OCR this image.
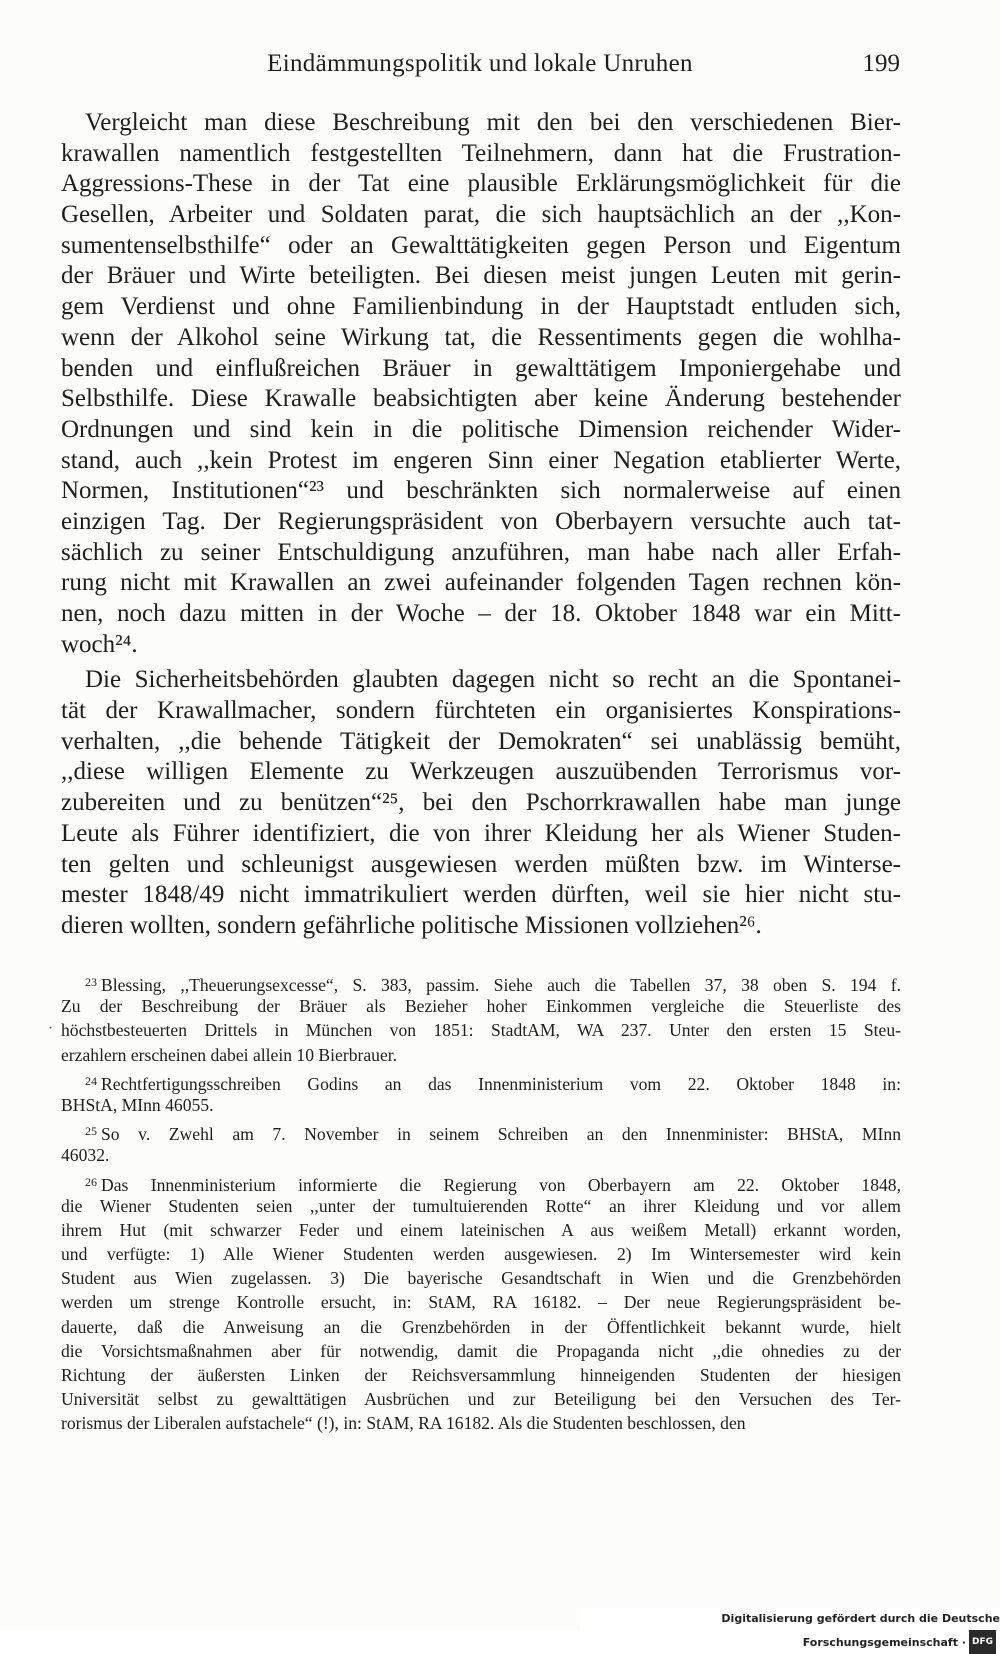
Eindämmungspolitik und lokale Unruhen	199
Vergleicht man diese Beschreibung mit den bei den verschiedenen Bier-
krawallen namentlich festgestellten Teilnehmern, dann hat die Frustration-
Aggressions-These in der Tat eine plausible Erklärungsmöglichkeit für die
Gesellen, Arbeiter und Soldaten parat, die sich hauptsächlich an der ,,Kon-
sumentenselbsthilfe“ oder an Gewalttätigkeiten gegen Person und Eigentum
der Bräuer und Wirte beteiligten. Bei diesen meist jungen Leuten mit gerin-
gem Verdienst und ohne Familienbindung in der Hauptstadt entluden sich,
wenn der Alkohol seine Wirkung tat, die Ressentiments gegen die wohlha-
benden und einflußreichen Bräuer in gewalttätigem Imponiergehabe und
Selbsthilfe. Diese Krawalle beabsichtigten aber keine Änderung bestehender
Ordnungen und sind kein in die politische Dimension reichender Wider-
stand, auch ,,kein Protest im engeren Sinn einer Negation etablierter Werte,
Normen, Institutionen“²³ und beschränkten sich normalerweise auf einen
einzigen Tag. Der Regierungspräsident von Oberbayern versuchte auch tat-
sächlich zu seiner Entschuldigung anzuführen, man habe nach aller Erfah-
rung nicht mit Krawallen an zwei aufeinander folgenden Tagen rechnen kön-
nen, noch dazu mitten in der Woche – der 18. Oktober 1848 war ein Mitt-
woch²⁴.
Die Sicherheitsbehörden glaubten dagegen nicht so recht an die Spontanei-
tät der Krawallmacher, sondern fürchteten ein organisiertes Konspirations-
verhalten, ,,die behende Tätigkeit der Demokraten“ sei unablässig bemüht,
,,diese willigen Elemente zu Werkzeugen auszuübenden Terrorismus vor-
zubereiten und zu benützen“²⁵, bei den Pschorrkrawallen habe man junge
Leute als Führer identifiziert, die von ihrer Kleidung her als Wiener Studen-
ten gelten und schleunigst ausgewiesen werden müßten bzw. im Winterse-
mester 1848/49 nicht immatrikuliert werden dürften, weil sie hier nicht stu-
dieren wollten, sondern gefährliche politische Missionen vollziehen²⁶.
·
$^{23}$ Blessing, ,,Theuerungsexcesse“, S. 383, passim. Siehe auch die Tabellen 37, 38 oben S. 194 f.
Zu der Beschreibung der Bräuer als Bezieher hoher Einkommen vergleiche die Steuerliste des
höchstbesteuerten Drittels in München von 1851: StadtAM, WA 237. Unter den ersten 15 Steu-
erzahlern erscheinen dabei allein 10 Bierbrauer.
$^{24}$ Rechtfertigungsschreiben Godins an das Innenministerium vom 22. Oktober 1848 in:
BHStA, MInn 46055.
$^{25}$ So v. Zwehl am 7. November in seinem Schreiben an den Innenminister: BHStA, MInn
46032.
$^{26}$ Das Innenministerium informierte die Regierung von Oberbayern am 22. Oktober 1848,
die Wiener Studenten seien ,,unter der tumultuierenden Rotte“ an ihrer Kleidung und vor allem
ihrem Hut (mit schwarzer Feder und einem lateinischen A aus weißem Metall) erkannt worden,
und verfügte: 1) Alle Wiener Studenten werden ausgewiesen. 2) Im Wintersemester wird kein
Student aus Wien zugelassen. 3) Die bayerische Gesandtschaft in Wien und die Grenzbehörden
werden um strenge Kontrolle ersucht, in: StAM, RA 16182. – Der neue Regierungspräsident be-
dauerte, daß die Anweisung an die Grenzbehörden in der Öffentlichkeit bekannt wurde, hielt
die Vorsichtsmaßnahmen aber für notwendig, damit die Propaganda nicht ,,die ohnedies zu der
Richtung der äußersten Linken der Reichsversammlung hinneigenden Studenten der hiesigen
Universität selbst zu gewalttätigen Ausbrüchen und zur Beteiligung bei den Versuchen des Ter-
rorismus der Liberalen aufstachele“ (!), in: StAM, RA 16182. Als die Studenten beschlossen, den
Digitalisierung gefördert durch die Deutsche Forschungsgemeinschaft · DFG
